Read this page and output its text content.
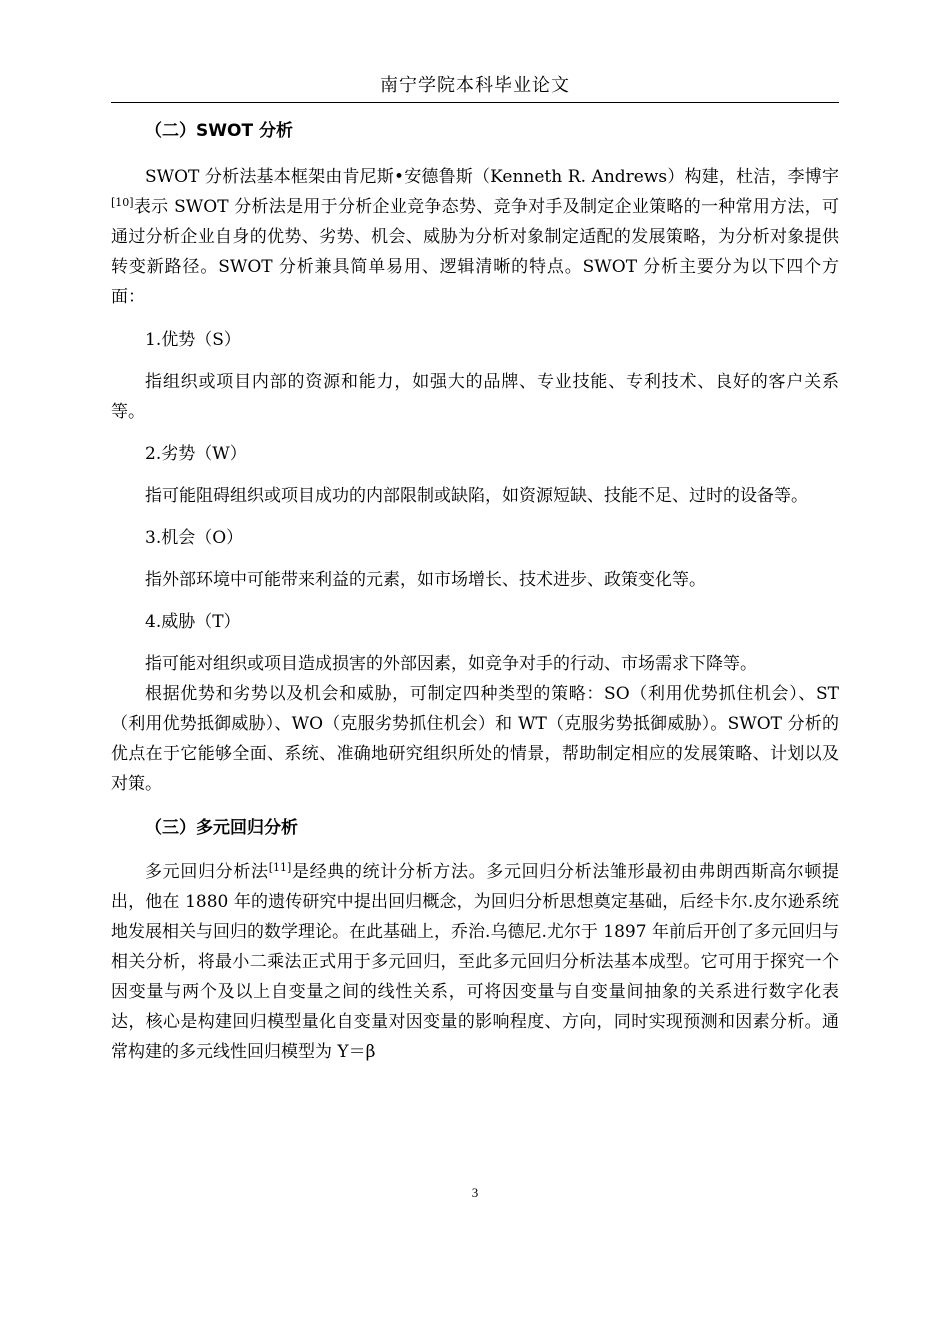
南宁学院本科毕业论文

（二）SWOT 分析

SWOT 分析法基本框架由肯尼斯•安德鲁斯（Kenneth R. Andrews）构建，杜洁，李博宇[10]表示 SWOT 分析法是用于分析企业竞争态势、竞争对手及制定企业策略的一种常用方法，可通过分析企业自身的优势、劣势、机会、威胁为分析对象制定适配的发展策略，为分析对象提供转变新路径。SWOT 分析兼具简单易用、逻辑清晰的特点。SWOT 分析主要分为以下四个方面：

1.优势（S）

指组织或项目内部的资源和能力，如强大的品牌、专业技能、专利技术、良好的客户关系等。

2.劣势（W）

指可能阻碍组织或项目成功的内部限制或缺陷，如资源短缺、技能不足、过时的设备等。

3.机会（O）

指外部环境中可能带来利益的元素，如市场增长、技术进步、政策变化等。

4.威胁（T）

指可能对组织或项目造成损害的外部因素，如竞争对手的行动、市场需求下降等。

根据优势和劣势以及机会和威胁，可制定四种类型的策略：SO（利用优势抓住机会）、ST（利用优势抵御威胁）、WO（克服劣势抓住机会）和 WT（克服劣势抵御威胁）。SWOT 分析的优点在于它能够全面、系统、准确地研究组织所处的情景，帮助制定相应的发展策略、计划以及对策。

（三）多元回归分析

多元回归分析法[11]是经典的统计分析方法。多元回归分析法雏形最初由弗朗西斯高尔顿提出，他在 1880 年的遗传研究中提出回归概念，为回归分析思想奠定基础，后经卡尔.皮尔逊系统地发展相关与回归的数学理论。在此基础上，乔治.乌德尼.尤尔于 1897 年前后开创了多元回归与相关分析，将最小二乘法正式用于多元回归，至此多元回归分析法基本成型。它可用于探究一个因变量与两个及以上自变量之间的线性关系，可将因变量与自变量间抽象的关系进行数字化表达，核心是构建回归模型量化自变量对因变量的影响程度、方向，同时实现预测和因素分析。通常构建的多元线性回归模型为 Y＝β

3
